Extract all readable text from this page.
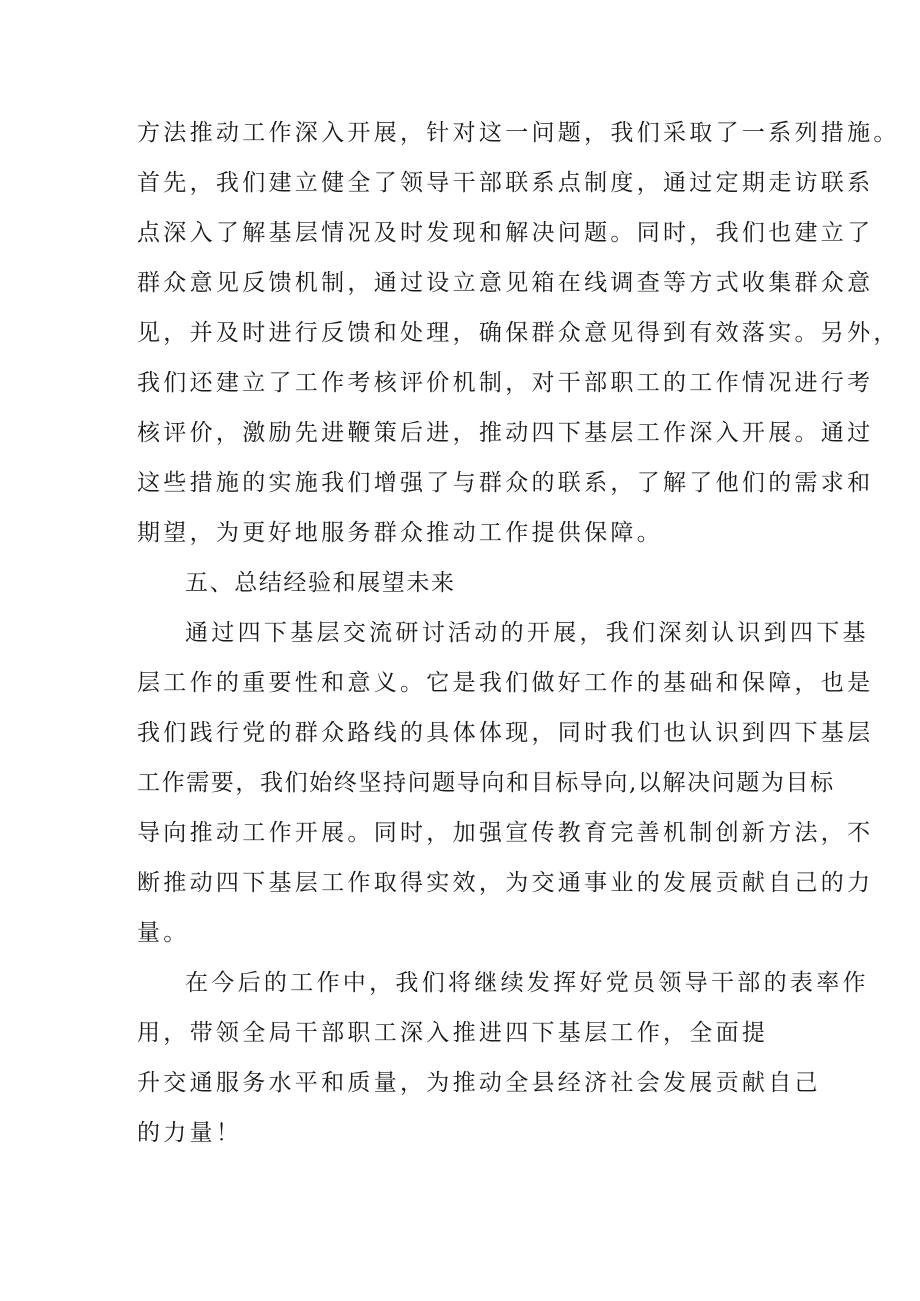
方法推动工作深入开展，针对这一问题，我们采取了一系列措施。

首先，我们建立健全了领导干部联系点制度，通过定期走访联系

点深入了解基层情况及时发现和解决问题。同时，我们也建立了

群众意见反馈机制，通过设立意见箱在线调查等方式收集群众意

见，并及时进行反馈和处理，确保群众意见得到有效落实。另外，

我们还建立了工作考核评价机制，对干部职工的工作情况进行考

核评价，激励先进鞭策后进，推动四下基层工作深入开展。通过

这些措施的实施我们增强了与群众的联系，了解了他们的需求和

期望，为更好地服务群众推动工作提供保障。

五、总结经验和展望未来

通过四下基层交流研讨活动的开展，我们深刻认识到四下基

层工作的重要性和意义。它是我们做好工作的基础和保障，也是

我们践行党的群众路线的具体体现，同时我们也认识到四下基层

工作需要，我们始终坚持问题导向和目标导向,以解决问题为目标

导向推动工作开展。同时，加强宣传教育完善机制创新方法，不

断推动四下基层工作取得实效，为交通事业的发展贡献自己的力

量。

在今后的工作中，我们将继续发挥好党员领导干部的表率作

用，带领全局干部职工深入推进四下基层工作，全面提

升交通服务水平和质量，为推动全县经济社会发展贡献自己

的力量！
